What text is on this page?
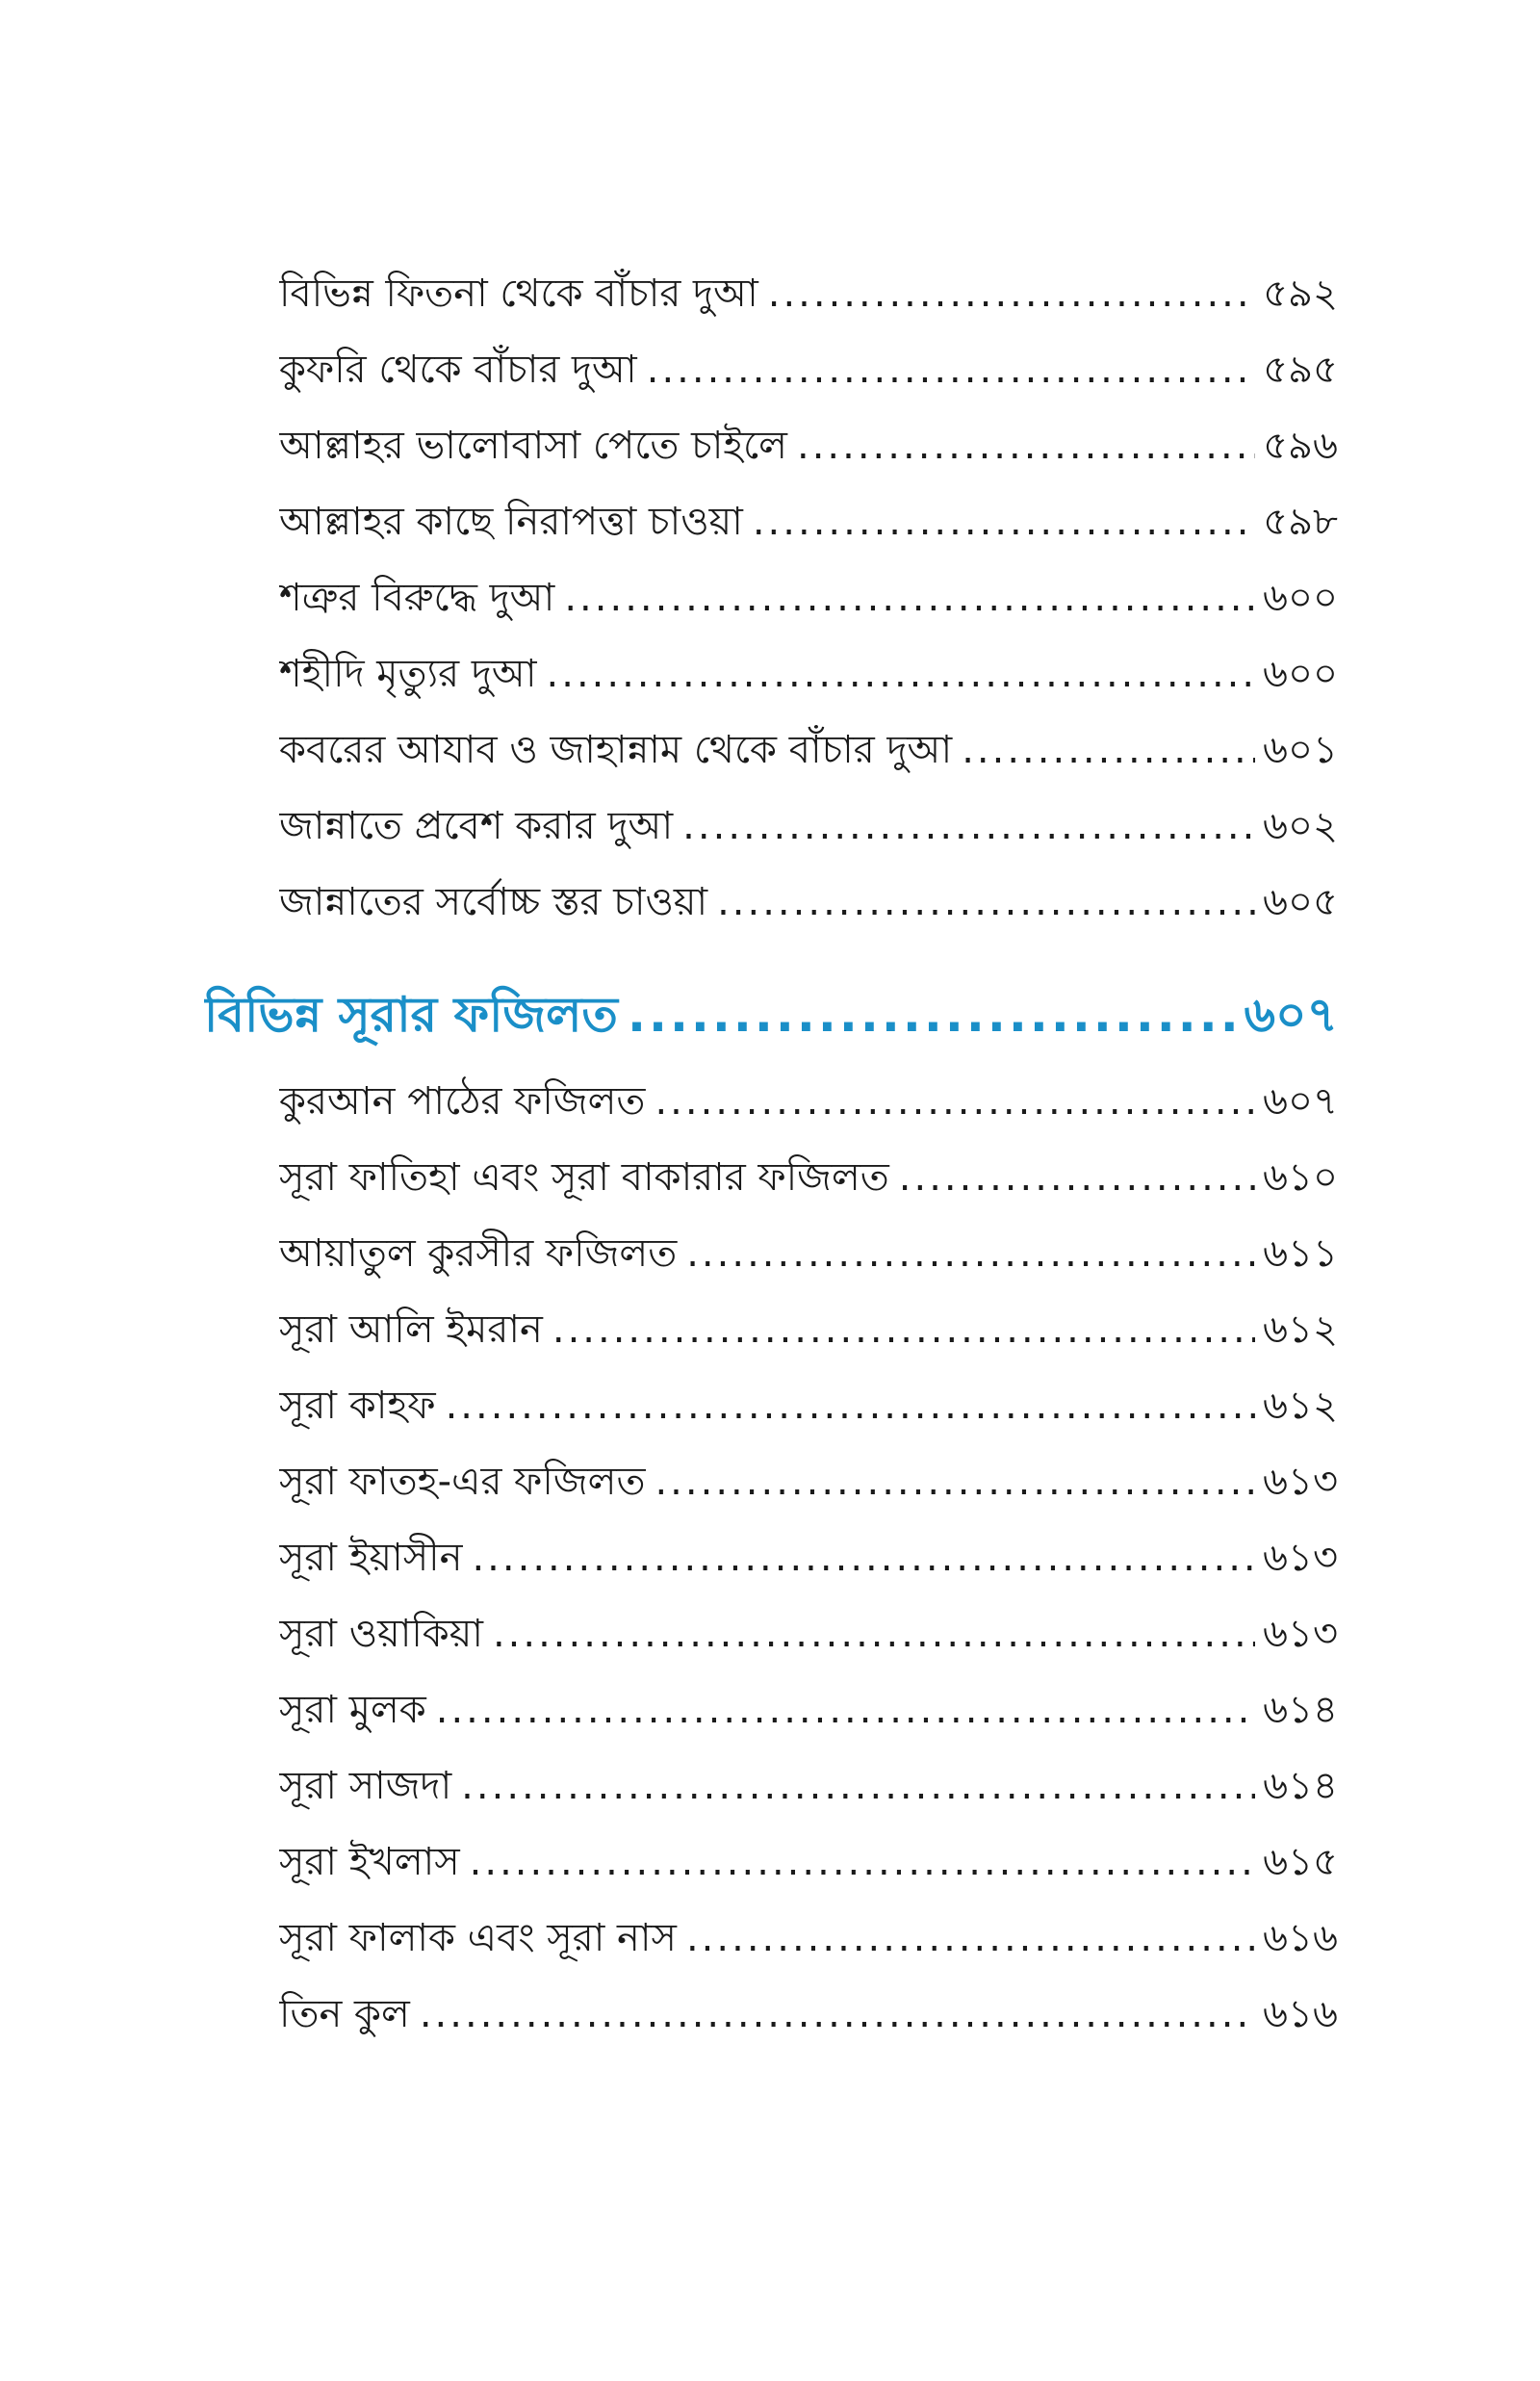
বিভিন্ন ফিতনা থেকে বাঁচার দুআ .....	৫৯২
কুফরি থেকে বাঁচার দুআ .....	৫৯৫
আল্লাহর ভালোবাসা পেতে চাইলে .....	৫৯৬
আল্লাহর কাছে নিরাপত্তা চাওয়া .....	৫৯৮
শত্রুর বিরুদ্ধে দুআ .....	৬০০
শহীদি মৃত্যুর দুআ .....	৬০০
কবরের আযাব ও জাহান্নাম থেকে বাঁচার দুআ .....	৬০১
জান্নাতে প্রবেশ করার দুআ .....	৬০২
জান্নাতের সর্বোচ্চ স্তর চাওয়া .....	৬০৫
বিভিন্ন সূরার ফজিলত .....	৬০৭
কুরআন পাঠের ফজিলত .....	৬০৭
সূরা ফাতিহা এবং সূরা বাকারার ফজিলত .....	৬১০
আয়াতুল কুরসীর ফজিলত .....	৬১১
সূরা আলি ইমরান .....	৬১২
সূরা কাহফ .....	৬১২
সূরা ফাতহ-এর ফজিলত .....	৬১৩
সূরা ইয়াসীন .....	৬১৩
সূরা ওয়াকিয়া .....	৬১৩
সূরা মুলক .....	৬১৪
সূরা সাজদা .....	৬১৪
সূরা ইখলাস .....	৬১৫
সূরা ফালাক এবং সূরা নাস .....	৬১৬
তিন কুল .....	৬১৬
